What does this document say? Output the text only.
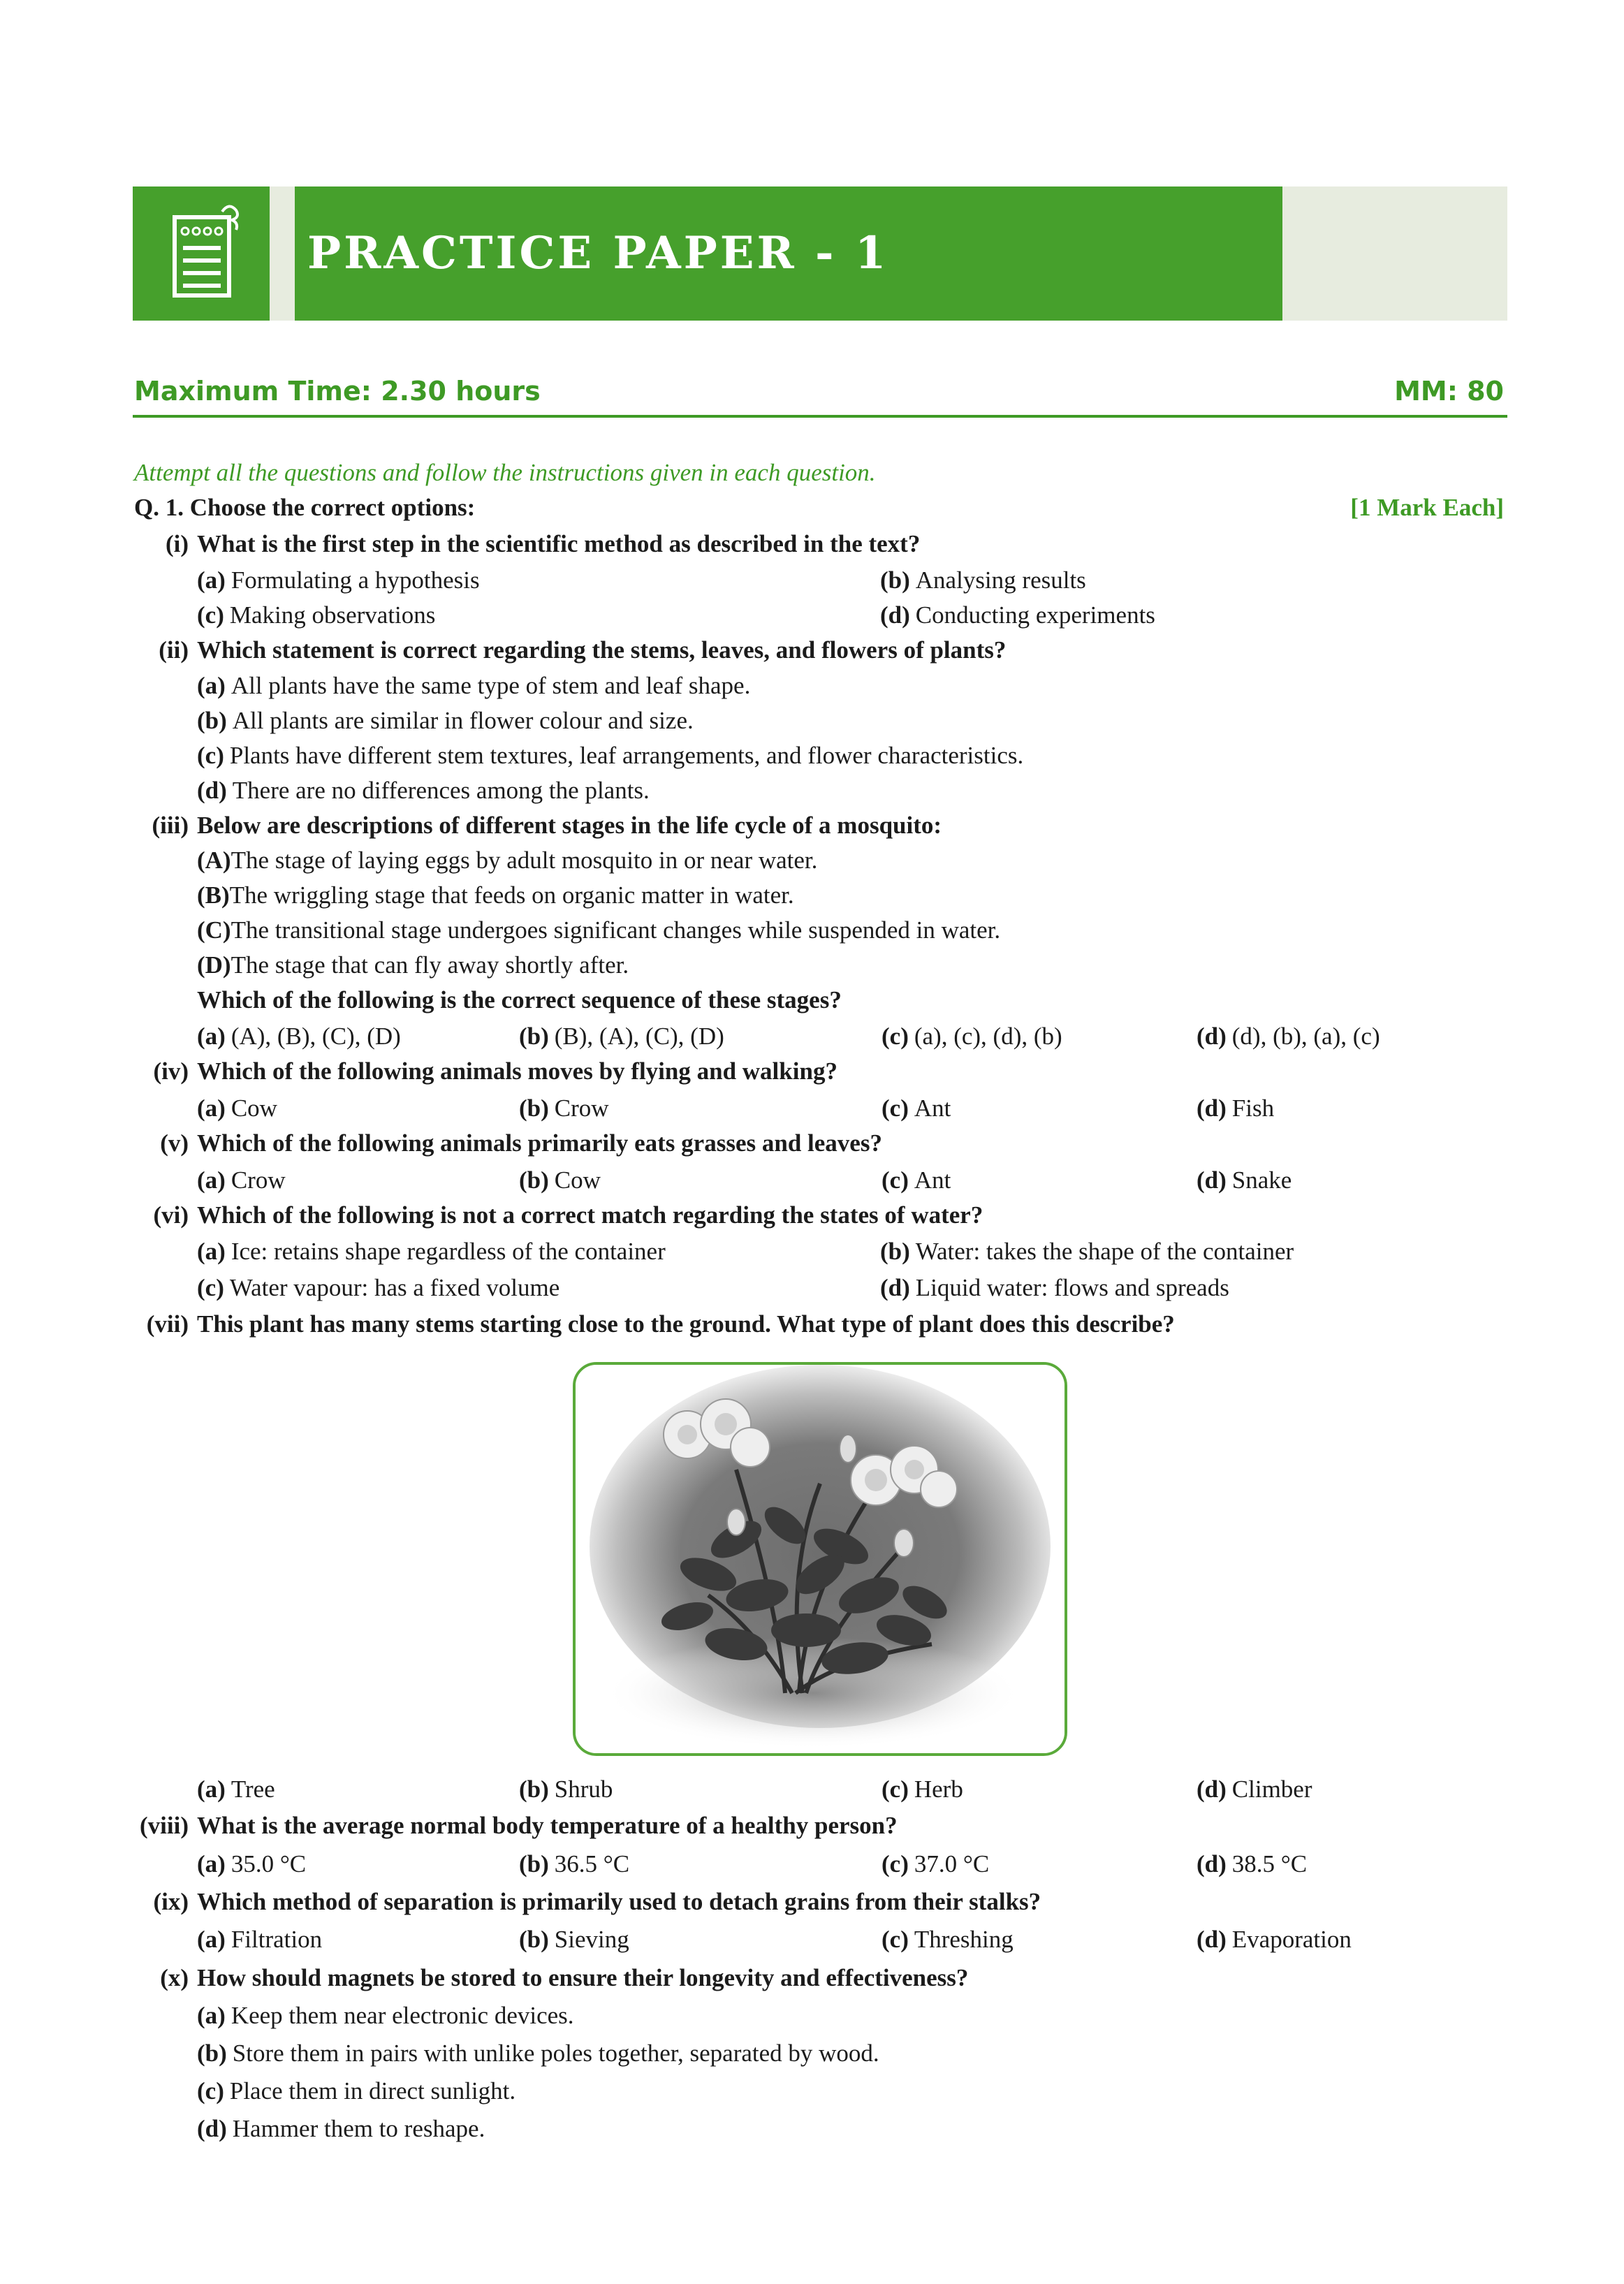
PRACTICE PAPER - 1
Maximum Time: 2.30 hours	MM: 80
Attempt all the questions and follow the instructions given in each question.
Q. 1. Choose the correct options:	[1 Mark Each]
(i) What is the first step in the scientific method as described in the text?
(a) Formulating a hypothesis	(b) Analysing results
(c) Making observations	(d) Conducting experiments
(ii) Which statement is correct regarding the stems, leaves, and flowers of plants?
(a) All plants have the same type of stem and leaf shape.
(b) All plants are similar in flower colour and size.
(c) Plants have different stem textures, leaf arrangements, and flower characteristics.
(d) There are no differences among the plants.
(iii) Below are descriptions of different stages in the life cycle of a mosquito:
(A)The stage of laying eggs by adult mosquito in or near water.
(B)The wriggling stage that feeds on organic matter in water.
(C)The transitional stage undergoes significant changes while suspended in water.
(D)The stage that can fly away shortly after.
Which of the following is the correct sequence of these stages?
(a) (A), (B), (C), (D)	(b) (B), (A), (C), (D)	(c) (a), (c), (d), (b)	(d) (d), (b), (a), (c)
(iv) Which of the following animals moves by flying and walking?
(a) Cow	(b) Crow	(c) Ant	(d) Fish
(v) Which of the following animals primarily eats grasses and leaves?
(a) Crow	(b) Cow	(c) Ant	(d) Snake
(vi) Which of the following is not a correct match regarding the states of water?
(a) Ice: retains shape regardless of the container	(b) Water: takes the shape of the container
(c) Water vapour: has a fixed volume	(d) Liquid water: flows and spreads
(vii) This plant has many stems starting close to the ground. What type of plant does this describe?
(a) Tree	(b) Shrub	(c) Herb	(d) Climber
(viii) What is the average normal body temperature of a healthy person?
(a) 35.0 °C	(b) 36.5 °C	(c) 37.0 °C	(d) 38.5 °C
(ix) Which method of separation is primarily used to detach grains from their stalks?
(a) Filtration	(b) Sieving	(c) Threshing	(d) Evaporation
(x) How should magnets be stored to ensure their longevity and effectiveness?
(a) Keep them near electronic devices.
(b) Store them in pairs with unlike poles together, separated by wood.
(c) Place them in direct sunlight.
(d) Hammer them to reshape.
